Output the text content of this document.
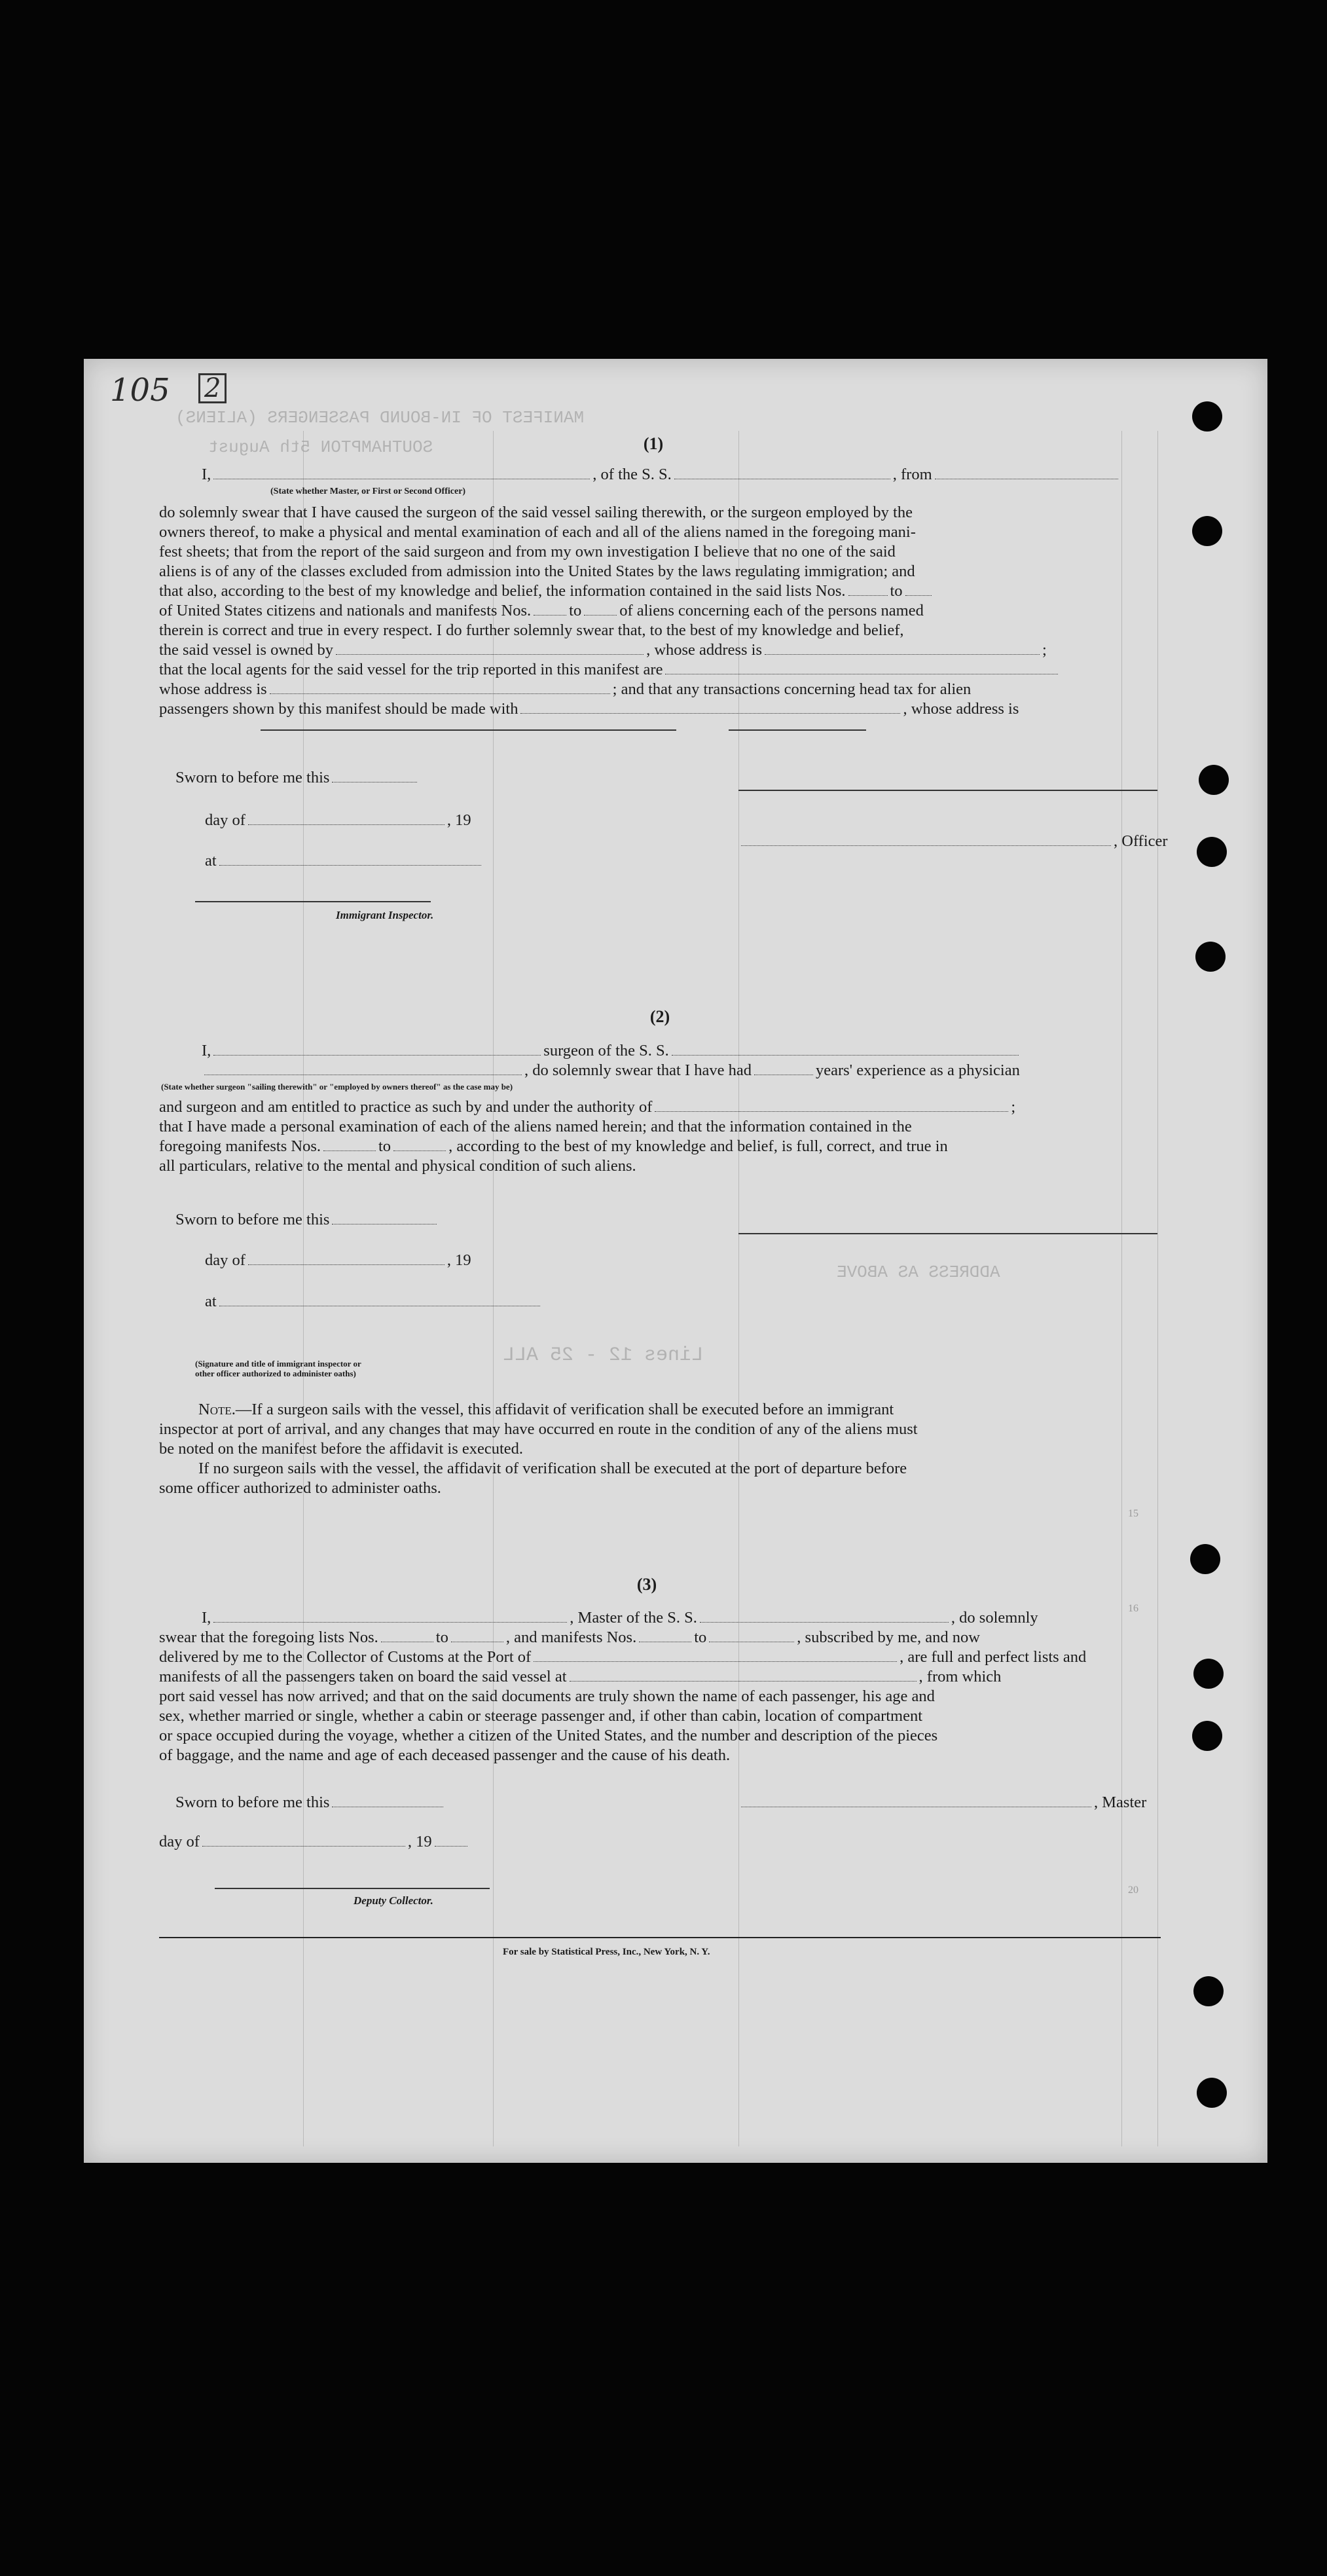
105 2
MANIFEST OF IN-BOUND PASSENGERS (ALIENS)
SOUTHAMPTON 5th August
Lines 12 - 25 ALL
ADDRESS AS ABOVE
(1)
I,	, of the S. S.	, from
(State whether Master, or First or Second Officer)
do solemnly swear that I have caused the surgeon of the said vessel sailing therewith, or the surgeon employed by the
owners thereof, to make a physical and mental examination of each and all of the aliens named in the foregoing mani-
fest sheets; that from the report of the said surgeon and from my own investigation I believe that no one of the said
aliens is of any of the classes excluded from admission into the United States by the laws regulating immigration; and
that also, according to the best of my knowledge and belief, the information contained in the said lists Nos.	to
of United States citizens and nationals and manifests Nos. to of aliens concerning each of the persons named
therein is correct and true in every respect. I do further solemnly swear that, to the best of my knowledge and belief,
the said vessel is owned by	, whose address is	;
that the local agents for the said vessel for the trip reported in this manifest are
whose address is	; and that any transactions concerning head tax for alien
passengers shown by this manifest should be made with	, whose address is
Sworn to before me this
day of	, 19
, Officer
at
Immigrant Inspector.
(2)
I,	surgeon of the S. S.
, do solemnly swear that I have had	years' experience as a physician
(State whether surgeon "sailing therewith" or "employed by owners thereof" as the case may be)
and surgeon and am entitled to practice as such by and under the authority of	;
that I have made a personal examination of each of the aliens named herein; and that the information contained in the
foregoing manifests Nos.	to	, according to the best of my knowledge and belief, is full, correct, and true in
all particulars, relative to the mental and physical condition of such aliens.
Sworn to before me this
day of	, 19
at
(Signature and title of immigrant inspector or
other officer authorized to administer oaths)
Note.—If a surgeon sails with the vessel, this affidavit of verification shall be executed before an immigrant
inspector at port of arrival, and any changes that may have occurred en route in the condition of any of the aliens must
be noted on the manifest before the affidavit is executed.
If no surgeon sails with the vessel, the affidavit of verification shall be executed at the port of departure before
some officer authorized to administer oaths.
(3)
I,	, Master of the S. S.	, do solemnly
swear that the foregoing lists Nos.	to	, and manifests Nos.	to	, subscribed by me, and now
delivered by me to the Collector of Customs at the Port of	, are full and perfect lists and
manifests of all the passengers taken on board the said vessel at	, from which
port said vessel has now arrived; and that on the said documents are truly shown the name of each passenger, his age and
sex, whether married or single, whether a cabin or steerage passenger and, if other than cabin, location of compartment
or space occupied during the voyage, whether a citizen of the United States, and the number and description of the pieces
of baggage, and the name and age of each deceased passenger and the cause of his death.
Sworn to before me this	, Master
day of	, 19
Deputy Collector.
For sale by Statistical Press, Inc., New York, N. Y.
15
16
20
